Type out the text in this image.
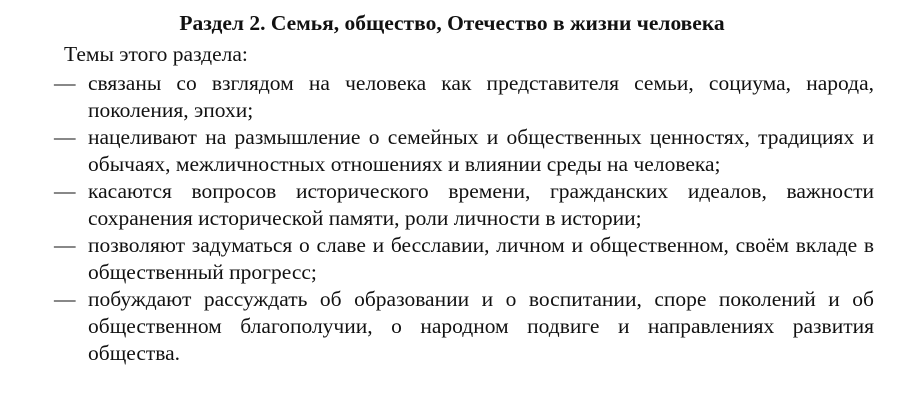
Раздел 2. Семья, общество, Отечество в жизни человека
Темы этого раздела:
— связаны со взглядом на человека как представителя семьи, социума, народа, поколения, эпохи;
— нацеливают на размышление о семейных и общественных ценностях, традициях и обычаях, межличностных отношениях и влиянии среды на человека;
— касаются вопросов исторического времени, гражданских идеалов, важности сохранения исторической памяти, роли личности в истории;
— позволяют задуматься о славе и бесславии, личном и общественном, своём вкладе в общественный прогресс;
— побуждают рассуждать об образовании и о воспитании, споре поколений и об общественном благополучии, о народном подвиге и направлениях развития общества.
